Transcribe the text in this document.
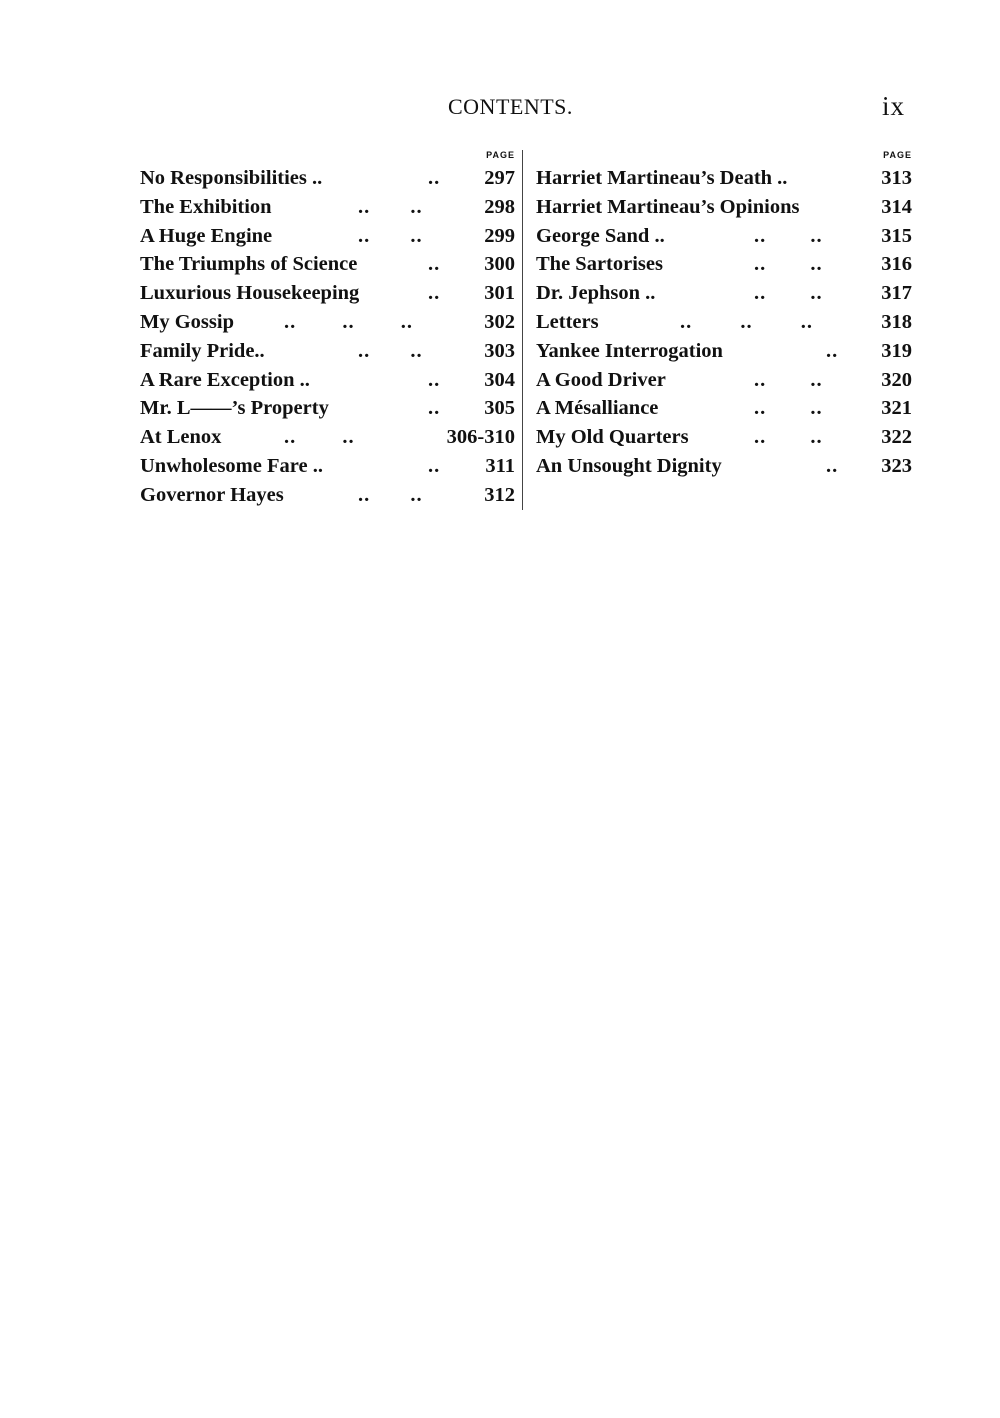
CONTENTS.	ix
PAGE
No Responsibilities ..	.. 297
The Exhibition	.. ..	298
A Huge Engine	.. ..	299
The Triumphs of Science	.. 300
Luxurious Housekeeping	.. 301
My Gossip .. .. ..	302
Family Pride..	.. ..	303
A Rare Exception ..	.. 304
Mr. L——’s Property	.. 305
At Lenox	.. ..	306-310
Unwholesome Fare ..	.. 311
Governor Hayes	.. ..	312
PAGE
Harriet Martineau’s Death ..	313
Harriet Martineau’s Opinions	314
George Sand ..	.. ..	315
The Sartorises	.. ..	316
Dr. Jephson ..	.. ..	317
Letters	.. .. ..	318
Yankee Interrogation	.. 319
A Good Driver	.. ..	320
A Mésalliance	.. ..	321
My Old Quarters	.. ..	322
An Unsought Dignity	.. 323
